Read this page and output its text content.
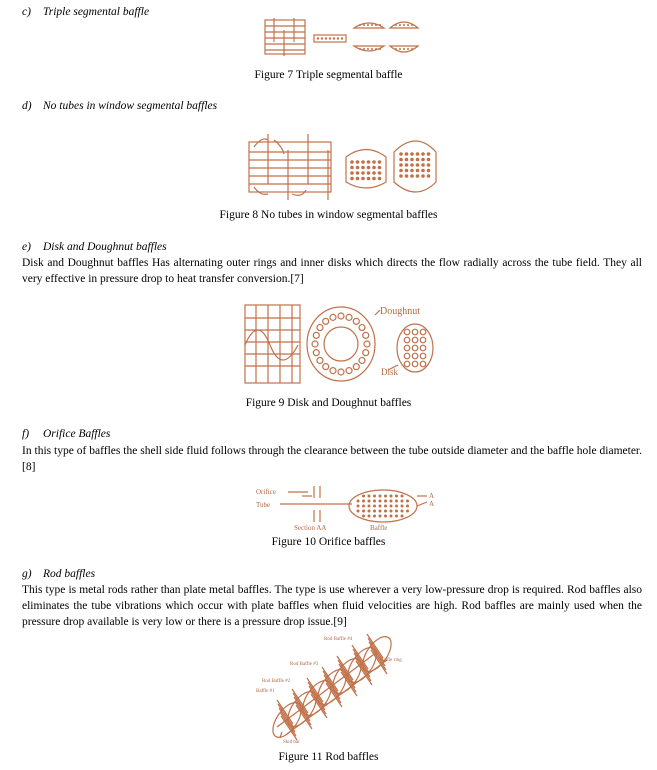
c) Triple segmental baffle
Figure 7 Triple segmental baffle
d) No tubes in window segmental baffles
Figure 8 No tubes in window segmental baffles
e) Disk and Doughnut baffles
Disk and Doughnut baffles Has alternating outer rings and inner disks which directs the flow radially across the tube field. They all very effective in pressure drop to heat transfer conversion.[7]
Doughnut
Disk
Figure 9 Disk and Doughnut baffles
f) Orifice Baffles
In this type of baffles the shell side fluid follows through the clearance between the tube outside diameter and the baffle hole diameter.[8]
Orifice
Tube
Section AA	Baffle
A
A
Figure 10 Orifice baffles
g) Rod baffles
This type is metal rods rather than plate metal baffles. The type is use wherever a very low-pressure drop is required. Rod baffles also eliminates the tube vibrations which occur with plate baffles when fluid velocities are high. Rod baffles are mainly used when the pressure drop available is very low or there is a pressure drop issue.[9]
Rod Baffle #4
Rod Baffle #3
Rod Baffle #2
Baffle #1
Baffle ring
Skid bar
Figure 11 Rod baffles
